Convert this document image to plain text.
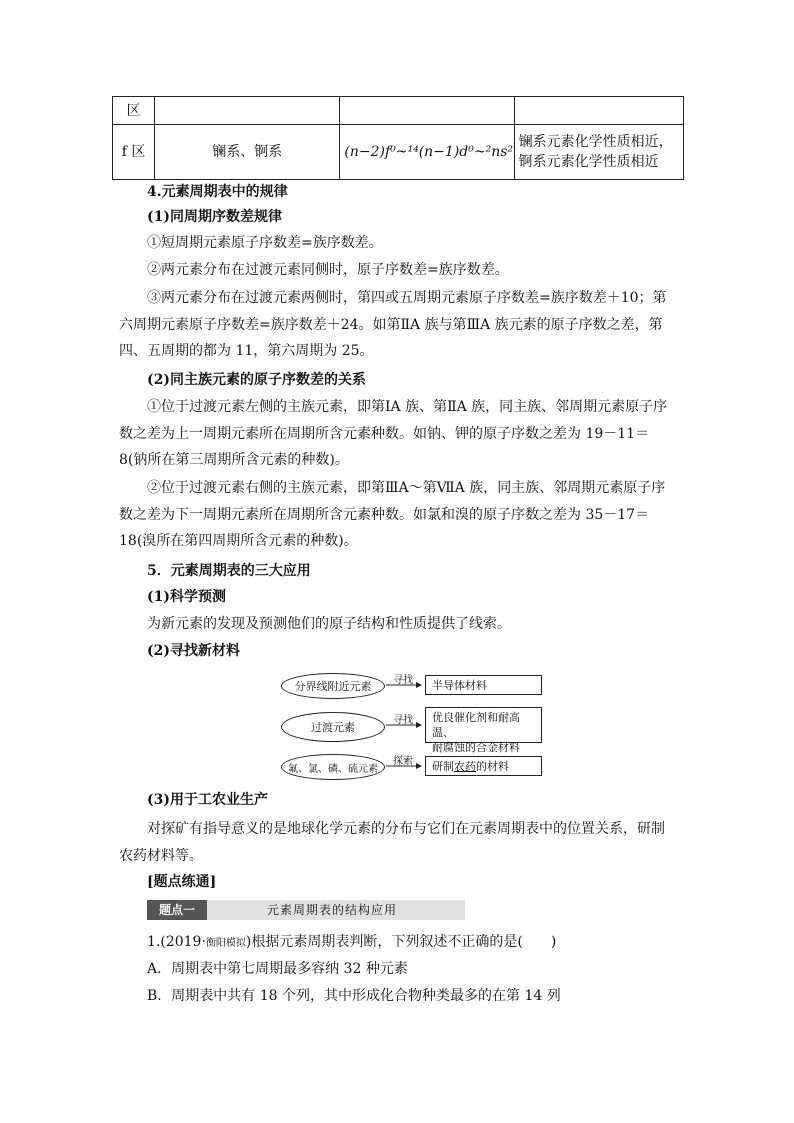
区			
f 区	镧系、锕系	(n−2)f⁰~¹⁴(n−1)d⁰~²ns²	镧系元素化学性质相近，
锕系元素化学性质相近
4.元素周期表中的规律
(1)同周期序数差规律
①短周期元素原子序数差=族序数差。
②两元素分布在过渡元素同侧时，原子序数差=族序数差。
③两元素分布在过渡元素两侧时，第四或五周期元素原子序数差=族序数差＋10；第六周期元素原子序数差=族序数差＋24。如第ⅡA 族与第ⅢA 族元素的原子序数之差，第四、五周期的都为 11，第六周期为 25。
(2)同主族元素的原子序数差的关系
①位于过渡元素左侧的主族元素，即第ⅠA 族、第ⅡA 族，同主族、邻周期元素原子序数之差为上一周期元素所在周期所含元素种数。如钠、钾的原子序数之差为 19－11＝8(钠所在第三周期所含元素的种数)。
②位于过渡元素右侧的主族元素，即第ⅢA～第ⅦA 族，同主族、邻周期元素原子序数之差为下一周期元素所在周期所含元素种数。如氯和溴的原子序数之差为 35－17＝18(溴所在第四周期所含元素的种数)。
5．元素周期表的三大应用
(1)科学预测
为新元素的发现及预测他们的原子结构和性质提供了线索。
(2)寻找新材料
分界线附近元素	寻找	半导体材料
过渡元素
寻找 优良催化剂和耐高温、
耐腐蚀的合金材料
氟、氯、磷、硫元素
探索	研制农药的材料
(3)用于工农业生产
对探矿有指导意义的是地球化学元素的分布与它们在元素周期表中的位置关系，研制农药材料等。
[题点练通]
题点一	元素周期表的结构应用
1.(2019·衡阳模拟)根据元素周期表判断，下列叙述不正确的是(　　)
A．周期表中第七周期最多容纳 32 种元素
B．周期表中共有 18 个列，其中形成化合物种类最多的在第 14 列
